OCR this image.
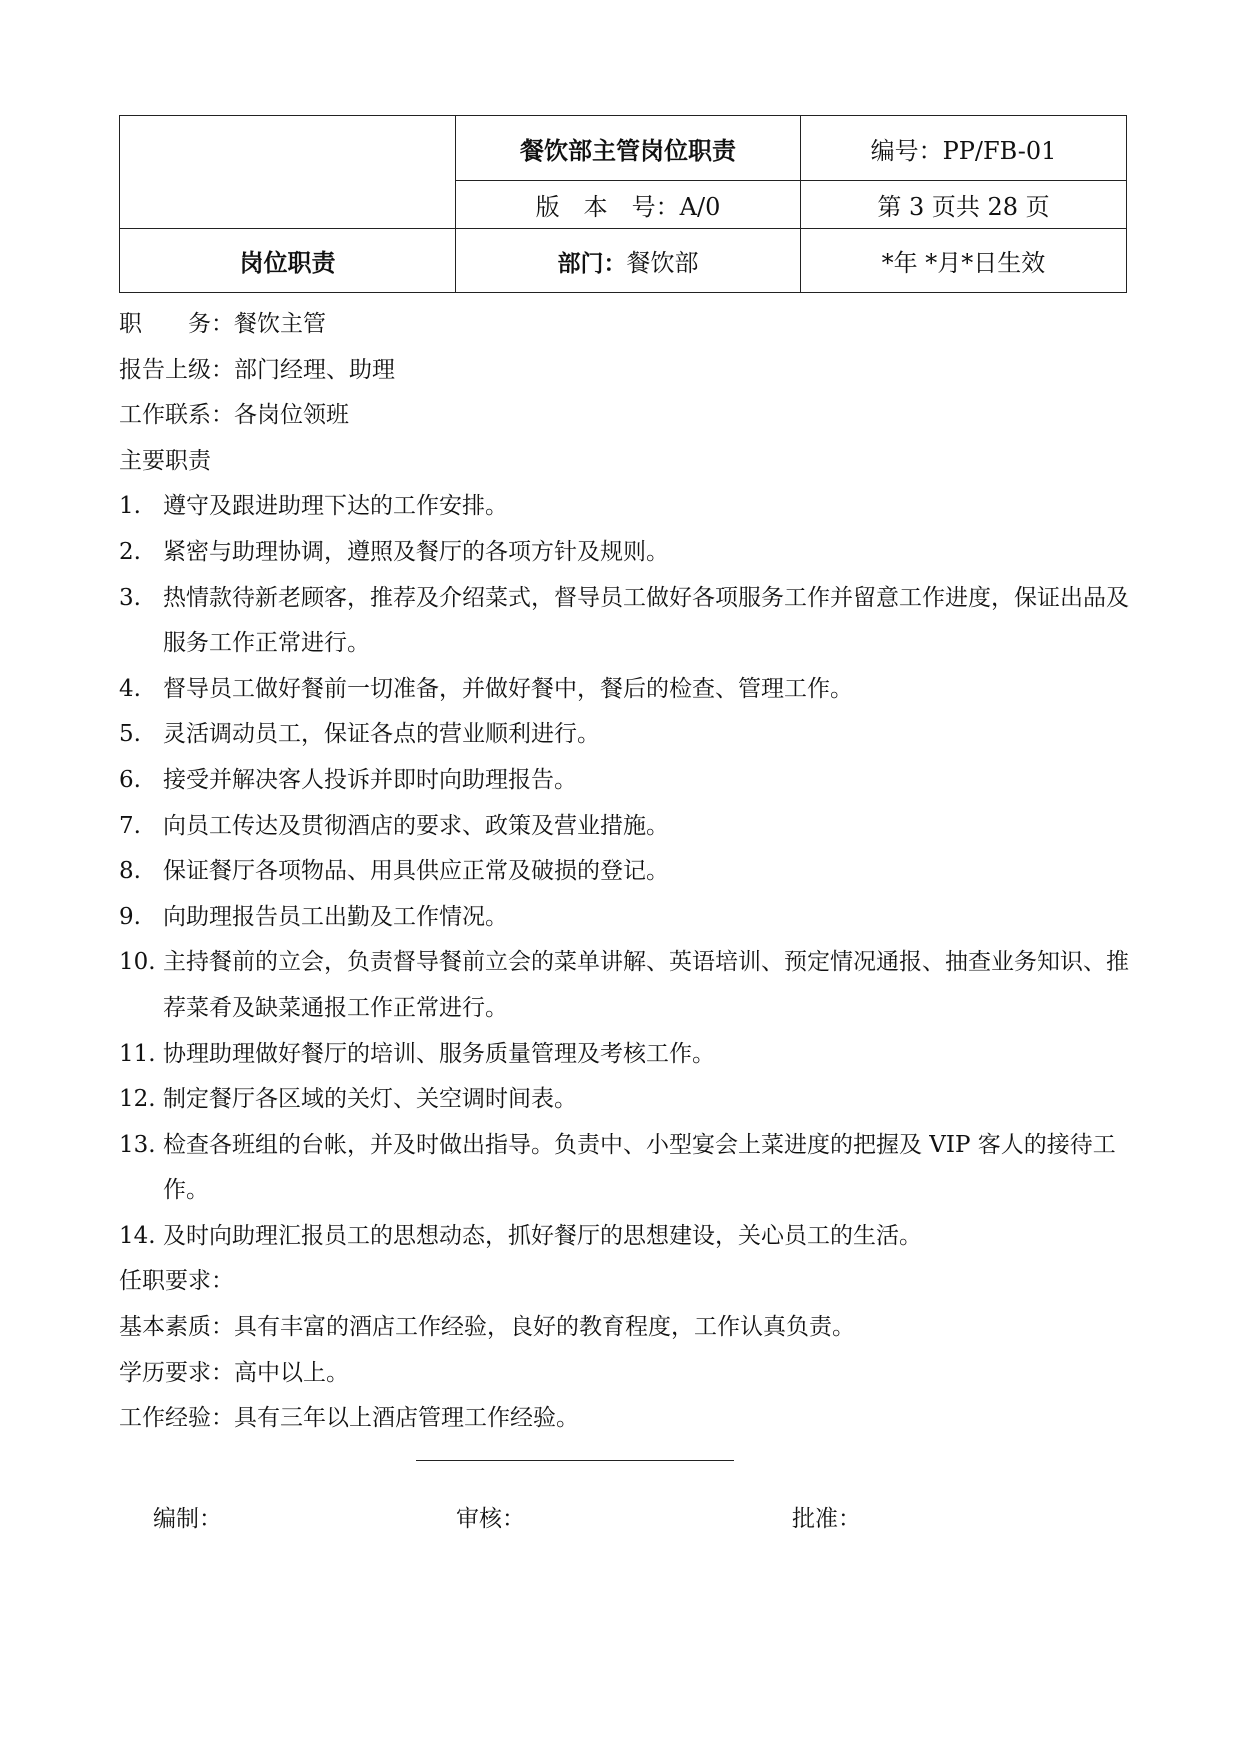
	餐饮部主管岗位职责	编号：PP/FB-01
	版　本　号：A/0	第 3 页共 28 页
岗位职责	部门：餐饮部	*年 *月*日生效
职　　务：餐饮主管
报告上级：部门经理、助理
工作联系：各岗位领班
主要职责
1. 遵守及跟进助理下达的工作安排。
2. 紧密与助理协调，遵照及餐厅的各项方针及规则。
3. 热情款待新老顾客，推荐及介绍菜式，督导员工做好各项服务工作并留意工作进度，保证出品及服务工作正常进行。
4. 督导员工做好餐前一切准备，并做好餐中，餐后的检查、管理工作。
5. 灵活调动员工，保证各点的营业顺利进行。
6. 接受并解决客人投诉并即时向助理报告。
7. 向员工传达及贯彻酒店的要求、政策及营业措施。
8. 保证餐厅各项物品、用具供应正常及破损的登记。
9. 向助理报告员工出勤及工作情况。
10. 主持餐前的立会，负责督导餐前立会的菜单讲解、英语培训、预定情况通报、抽查业务知识、推荐菜肴及缺菜通报工作正常进行。
11. 协理助理做好餐厅的培训、服务质量管理及考核工作。
12. 制定餐厅各区域的关灯、关空调时间表。
13. 检查各班组的台帐，并及时做出指导。负责中、小型宴会上菜进度的把握及 VIP 客人的接待工作。
14. 及时向助理汇报员工的思想动态，抓好餐厅的思想建设，关心员工的生活。
任职要求：
基本素质：具有丰富的酒店工作经验，良好的教育程度，工作认真负责。
学历要求：高中以上。
工作经验：具有三年以上酒店管理工作经验。
编制：	审核：	批准：
